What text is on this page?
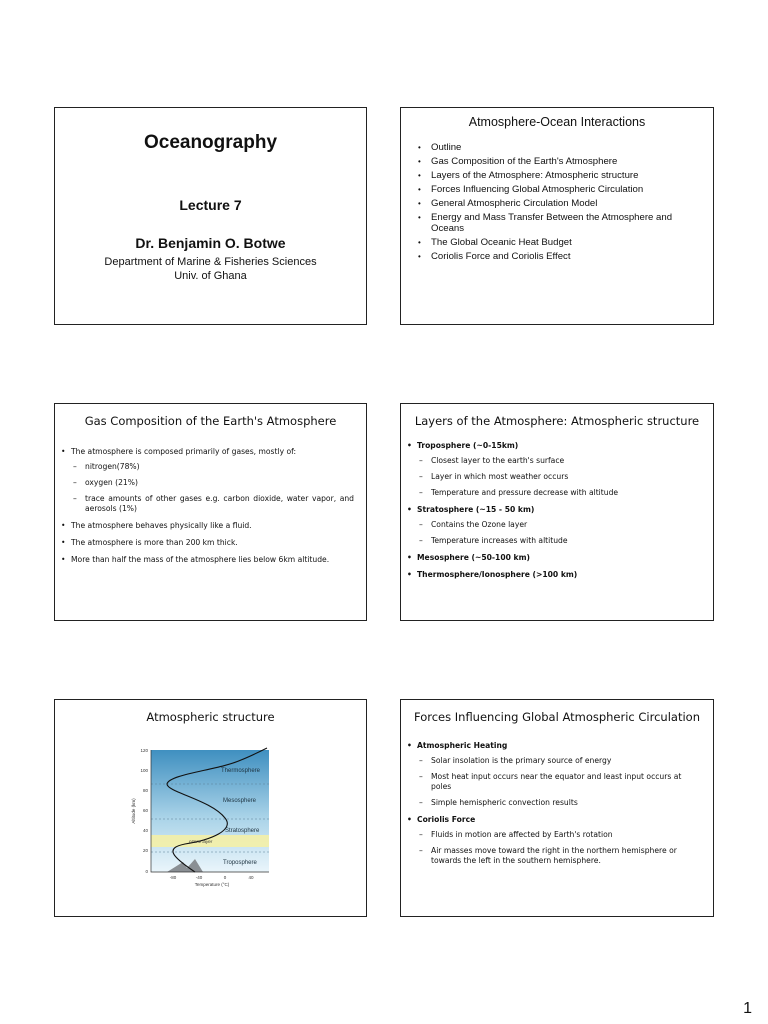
Oceanography
Lecture 7
Dr. Benjamin O. Botwe
Department of Marine & Fisheries Sciences
Univ. of Ghana
Atmosphere-Ocean Interactions
• Outline
• Gas Composition of the Earth's Atmosphere
• Layers of the Atmosphere: Atmospheric structure
• Forces Influencing Global Atmospheric Circulation
• General Atmospheric Circulation Model
• Energy and Mass Transfer Between the Atmosphere and Oceans
• The Global Oceanic Heat Budget
• Coriolis Force and Coriolis Effect
Gas Composition of the Earth's Atmosphere
• The atmosphere is composed primarily of gases, mostly of:
– nitrogen(78%)
– oxygen (21%)
– trace amounts of other gases e.g. carbon dioxide, water vapor, and aerosols (1%)
• The atmosphere behaves physically like a fluid.
• The atmosphere is more than 200 km thick.
• More than half the mass of the atmosphere lies below 6km altitude.
Layers of the Atmosphere: Atmospheric structure
• Troposphere (~0-15km)
– Closest layer to the earth's surface
– Layer in which most weather occurs
– Temperature and pressure decrease with altitude
• Stratosphere (~15 - 50 km)
– Contains the Ozone layer
– Temperature increases with altitude
• Mesosphere (~50-100 km)
• Thermosphere/Ionosphere (>100 km)
Atmospheric structure
Thermosphere
Mesosphere
Stratosphere
ozone layer
Troposphere
120
100
80
60
40
20
0
-80	-40	0	40
Temperature (°C)
Altitude (km)
Forces Influencing Global Atmospheric Circulation
• Atmospheric Heating
– Solar insolation is the primary source of energy
– Most heat input occurs near the equator and least input occurs at poles
– Simple hemispheric convection results
• Coriolis Force
– Fluids in motion are affected by Earth's rotation
– Air masses move toward the right in the northern hemisphere or towards the left in the southern hemisphere.
1
